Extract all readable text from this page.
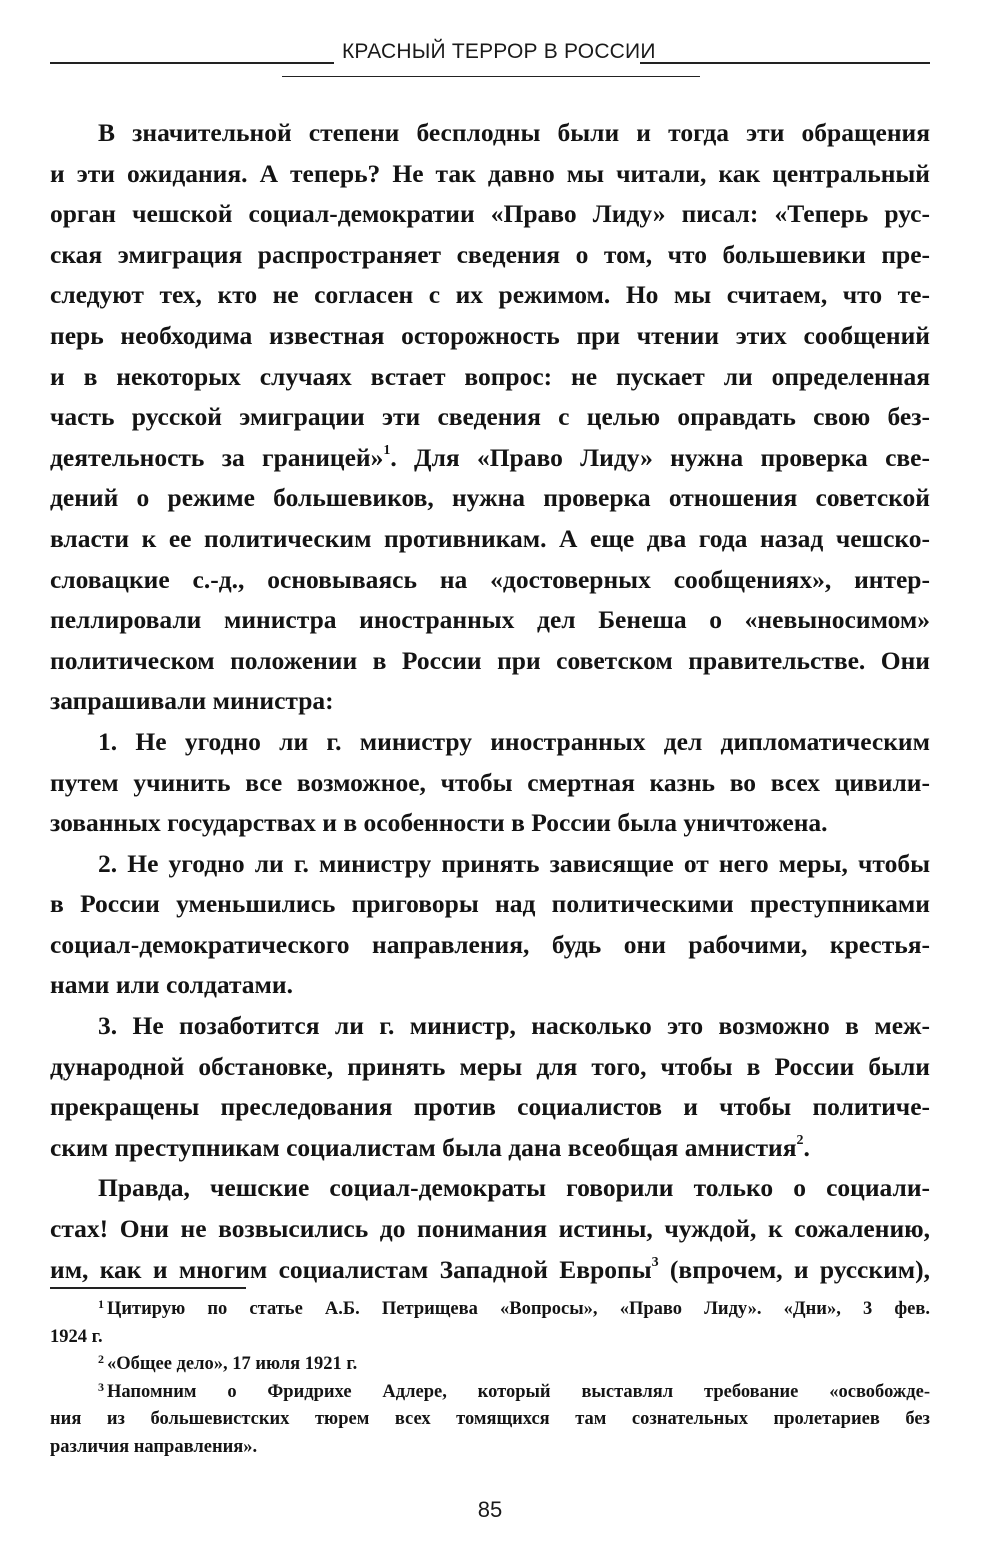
КРАСНЫЙ ТЕРРОР В РОССИИ
В значительной степени бесплодны были и тогда эти обращения
и эти ожидания. А теперь? Не так давно мы читали, как центральный
орган чешской социал-демократии «Право Лиду» писал: «Теперь рус-
ская эмиграция распространяет сведения о том, что большевики пре-
следуют тех, кто не согласен с их режимом. Но мы считаем, что те-
перь необходима известная осторожность при чтении этих сообщений
и в некоторых случаях встает вопрос: не пускает ли определенная
часть русской эмиграции эти сведения с целью оправдать свою без-
деятельность за границей»$^1$. Для «Право Лиду» нужна проверка све-
дений о режиме большевиков, нужна проверка отношения советской
власти к ее политическим противникам. А еще два года назад чешско-
словацкие с.-д., основываясь на «достоверных сообщениях», интер-
пеллировали министра иностранных дел Бенеша о «невыносимом»
политическом положении в России при советском правительстве. Они
запрашивали министра:
1. Не угодно ли г. министру иностранных дел дипломатическим
путем учинить все возможное, чтобы смертная казнь во всех цивили-
зованных государствах и в особенности в России была уничтожена.
2. Не угодно ли г. министру принять зависящие от него меры, чтобы
в России уменьшились приговоры над политическими преступниками
социал-демократического направления, будь они рабочими, крестья-
нами или солдатами.
3. Не позаботится ли г. министр, насколько это возможно в меж-
дународной обстановке, принять меры для того, чтобы в России были
прекращены преследования против социалистов и чтобы политиче-
ским преступникам социалистам была дана всеобщая амнистия$^2$.
Правда, чешские социал-демократы говорили только о социали-
стах! Они не возвысились до понимания истины, чуждой, к сожалению,
им, как и многим социалистам Западной Европы$^3$ (впрочем, и русским),
$^1$ Цитирую по статье А.Б. Петрищева «Вопросы», «Право Лиду». «Дни», 3 фев.
1924 г.
$^2$ «Общее дело», 17 июля 1921 г.
$^3$ Напомним о Фридрихе Адлере, который выставлял требование «освобожде-
ния из большевистских тюрем всех томящихся там сознательных пролетариев без
различия направления».
85
